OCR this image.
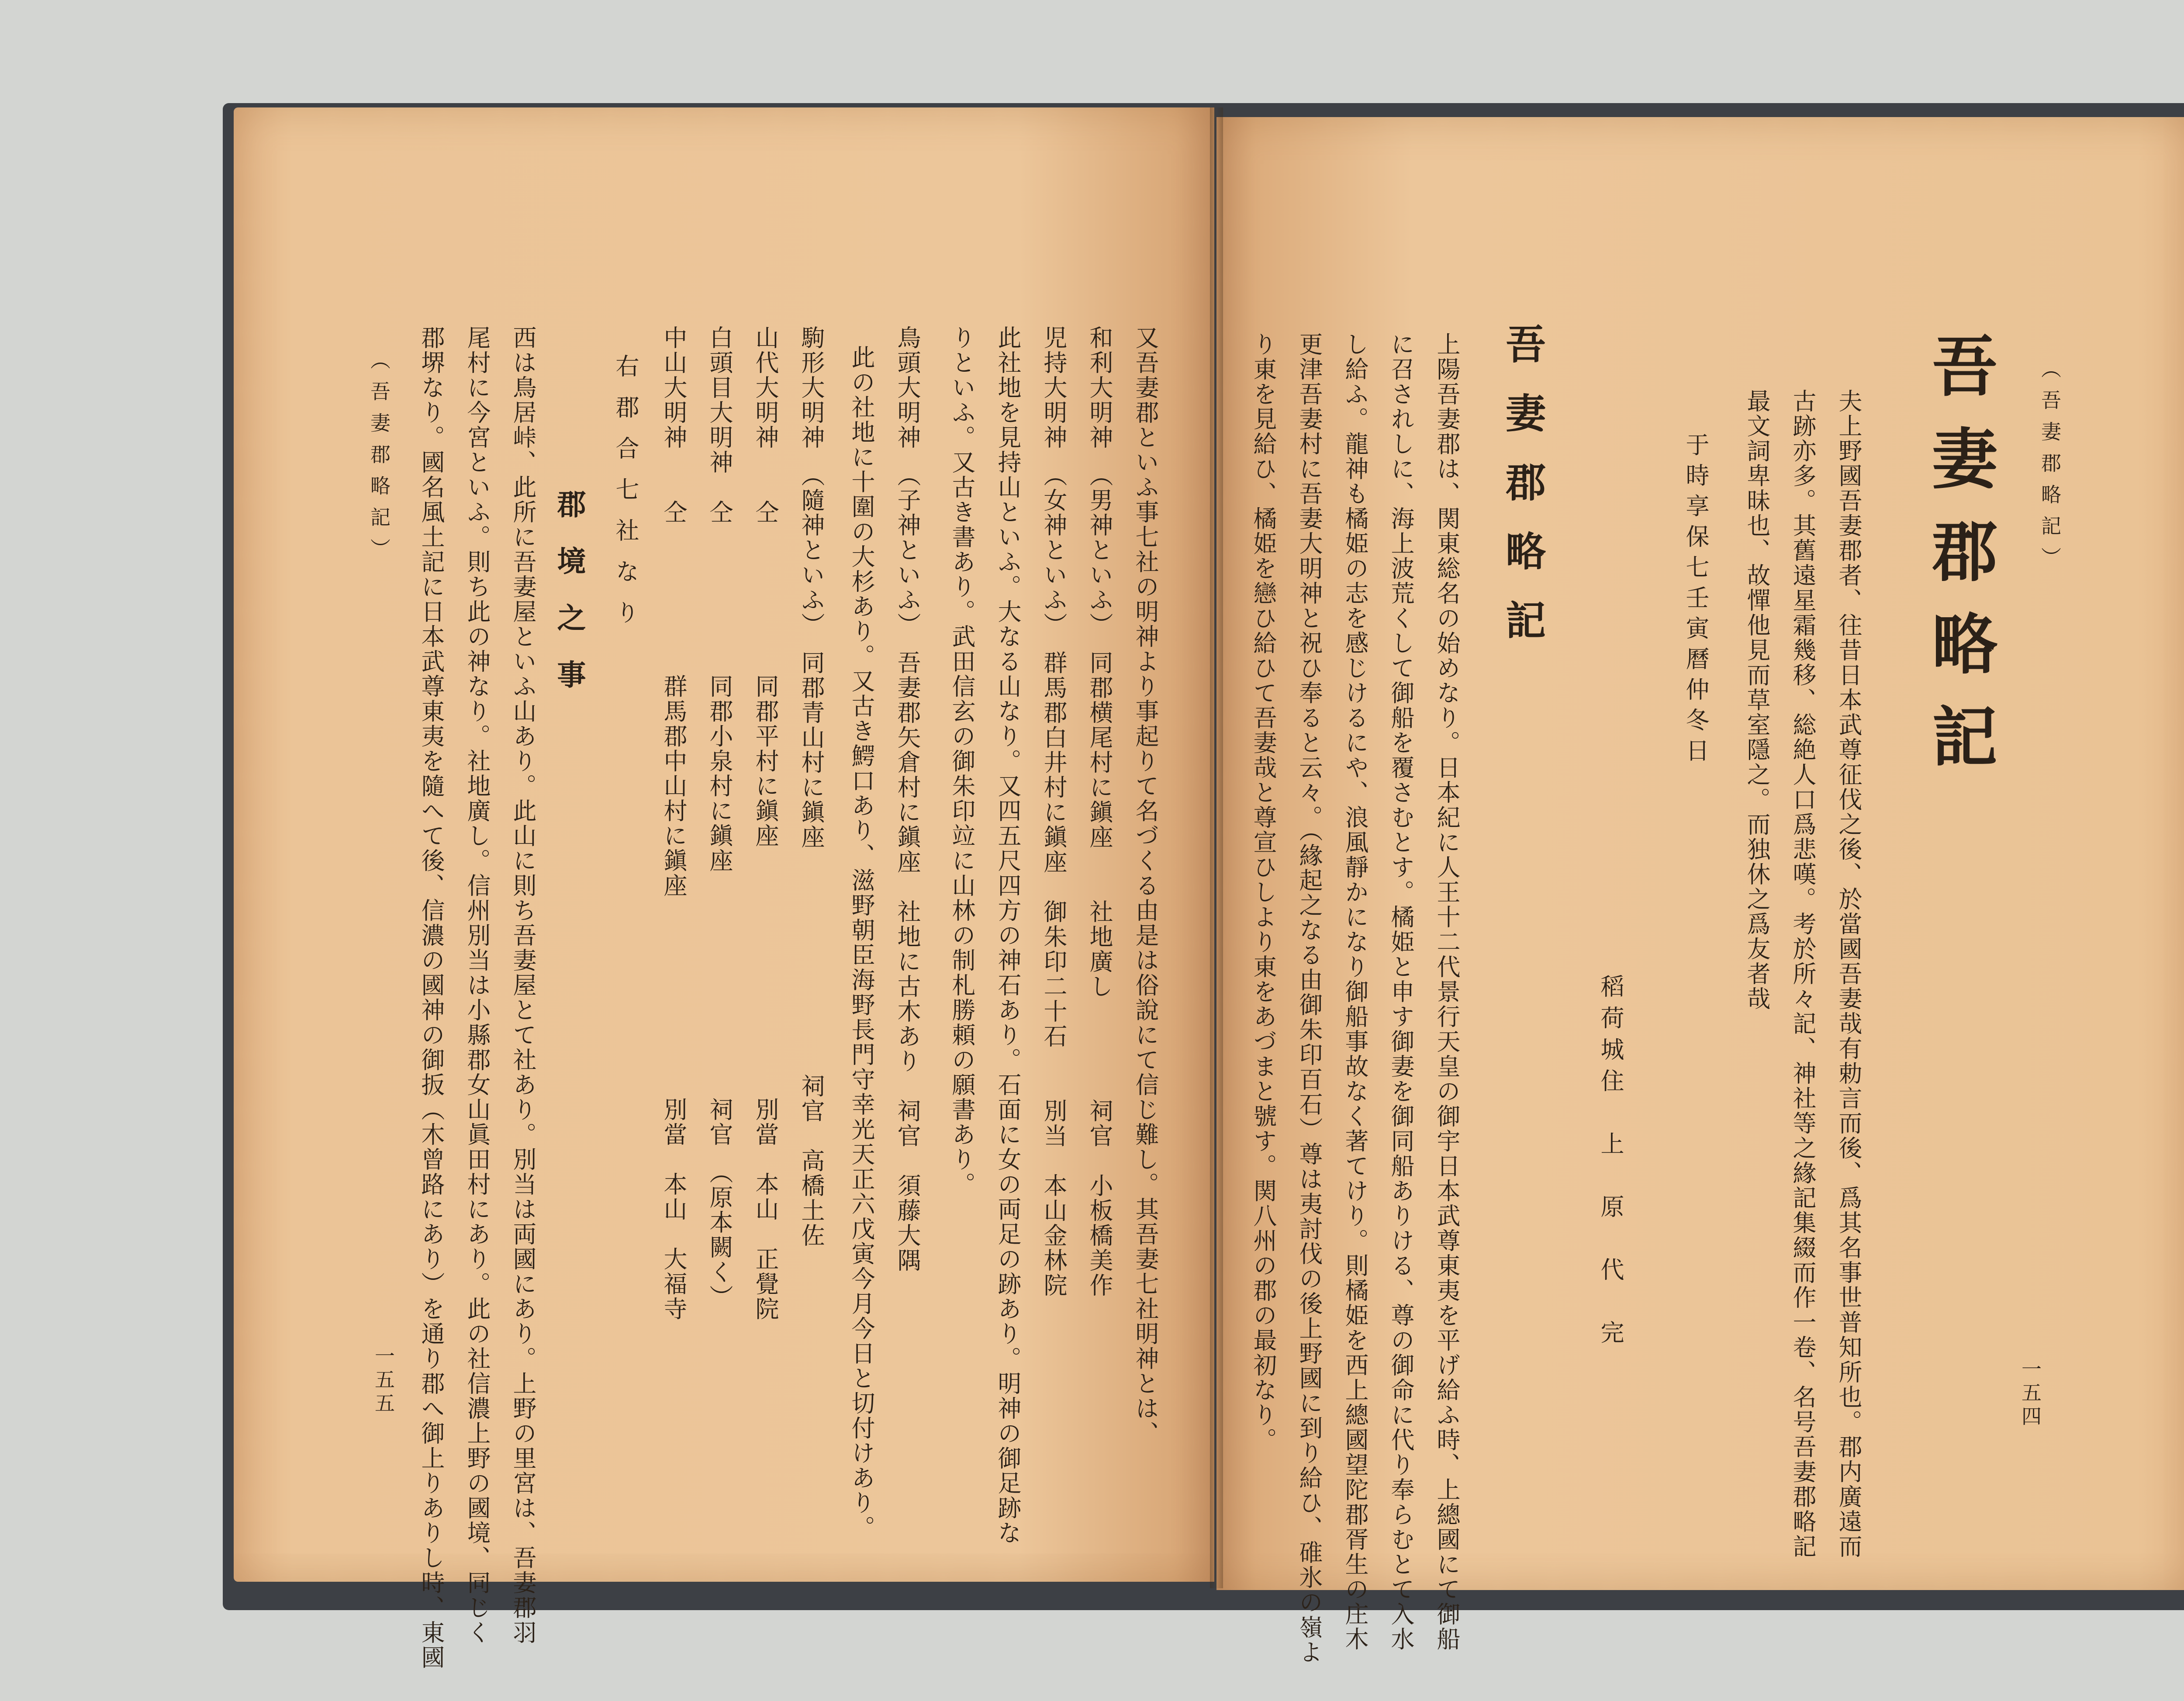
（吾妻郡略記）
吾妻郡略記
夫上野國吾妻郡者、往昔日本武尊征伐之後、於當國吾妻哉有勅言而後、爲其名事世普知所也。郡内廣遠而
古跡亦多。其舊遠星霜幾移、総絶人口爲悲嘆。考於所々記、神社等之緣記集綴而作一卷、名号吾妻郡略記
最文詞卑昧也、故憚他見而草室隱之。而独休之爲友者哉
于時享保七壬寅曆仲冬日
稻荷城住　上　原　代　完
吾妻郡略記
上陽吾妻郡は、関東総名の始めなり。日本紀に人王十二代景行天皇の御宇日本武尊東夷を平げ給ふ時、上總國にて御船
に召されしに、海上波荒くして御船を覆さむとす。橘姫と申す御妻を御同船ありける、尊の御命に代り奉らむとて入水
し給ふ。龍神も橘姫の志を感じけるにや、浪風靜かになり御船事故なく著てけり。則橘姫を西上總國望陀郡胥生の庄木
更津吾妻村に吾妻大明神と祝ひ奉ると云々。（緣起之なる由御朱印百石）尊は夷討伐の後上野國に到り給ひ、碓氷の嶺よ
り東を見給ひ、橘姫を戀ひ給ひて吾妻哉と尊宣ひしより東をあづまと號す。関八州の郡の最初なり。	一五四
又吾妻郡といふ事七社の明神より事起りて名づくる由是は俗說にて信じ難し。其吾妻七社明神とは、
和利大明神　（男神といふ）　同郡横尾村に鎭座　　社地廣し　　　　祠官　小板橋美作
児持大明神　（女神といふ）　群馬郡白井村に鎭座　御朱印二十石　　別当　本山金林院
此社地を見持山といふ。大なる山なり。又四五尺四方の神石あり。石面に女の両足の跡あり。明神の御足跡な
りといふ。又古き書あり。武田信玄の御朱印竝に山林の制札勝頼の願書あり。
鳥頭大明神　（子神といふ）　吾妻郡矢倉村に鎭座　社地に古木あり　祠官　須藤大隅
此の社地に十圍の大杉あり。又古き鰐口あり、滋野朝臣海野長門守幸光天正六戊寅今月今日と切付けあり。
駒形大明神　（隨神といふ）　同郡青山村に鎭座　　　　　　　　　祠官　高橋土佐
山代大明神　　仝　　　　　　同郡平村に鎭座　　　　　　　　　　別當　本山　正覺院
白頭目大明神　仝　　　　　　同郡小泉村に鎭座　　　　　　　　　祠官　（原本闕く）
中山大明神　　仝　　　　　　群馬郡中山村に鎭座　　　　　　　　別當　本山　大福寺
右郡合七社なり
郡境之事
西は鳥居峠、此所に吾妻屋といふ山あり。此山に則ち吾妻屋とて社あり。別当は両國にあり。上野の里宮は、吾妻郡羽
尾村に今宮といふ。則ち此の神なり。社地廣し。信州別当は小縣郡女山眞田村にあり。此の社信濃上野の國境、同じく
郡堺なり。國名風土記に日本武尊東夷を隨へて後、信濃の國神の御扳（木曾路にあり）を通り郡へ御上りありし時、東國
（吾妻郡略記）
一五五
